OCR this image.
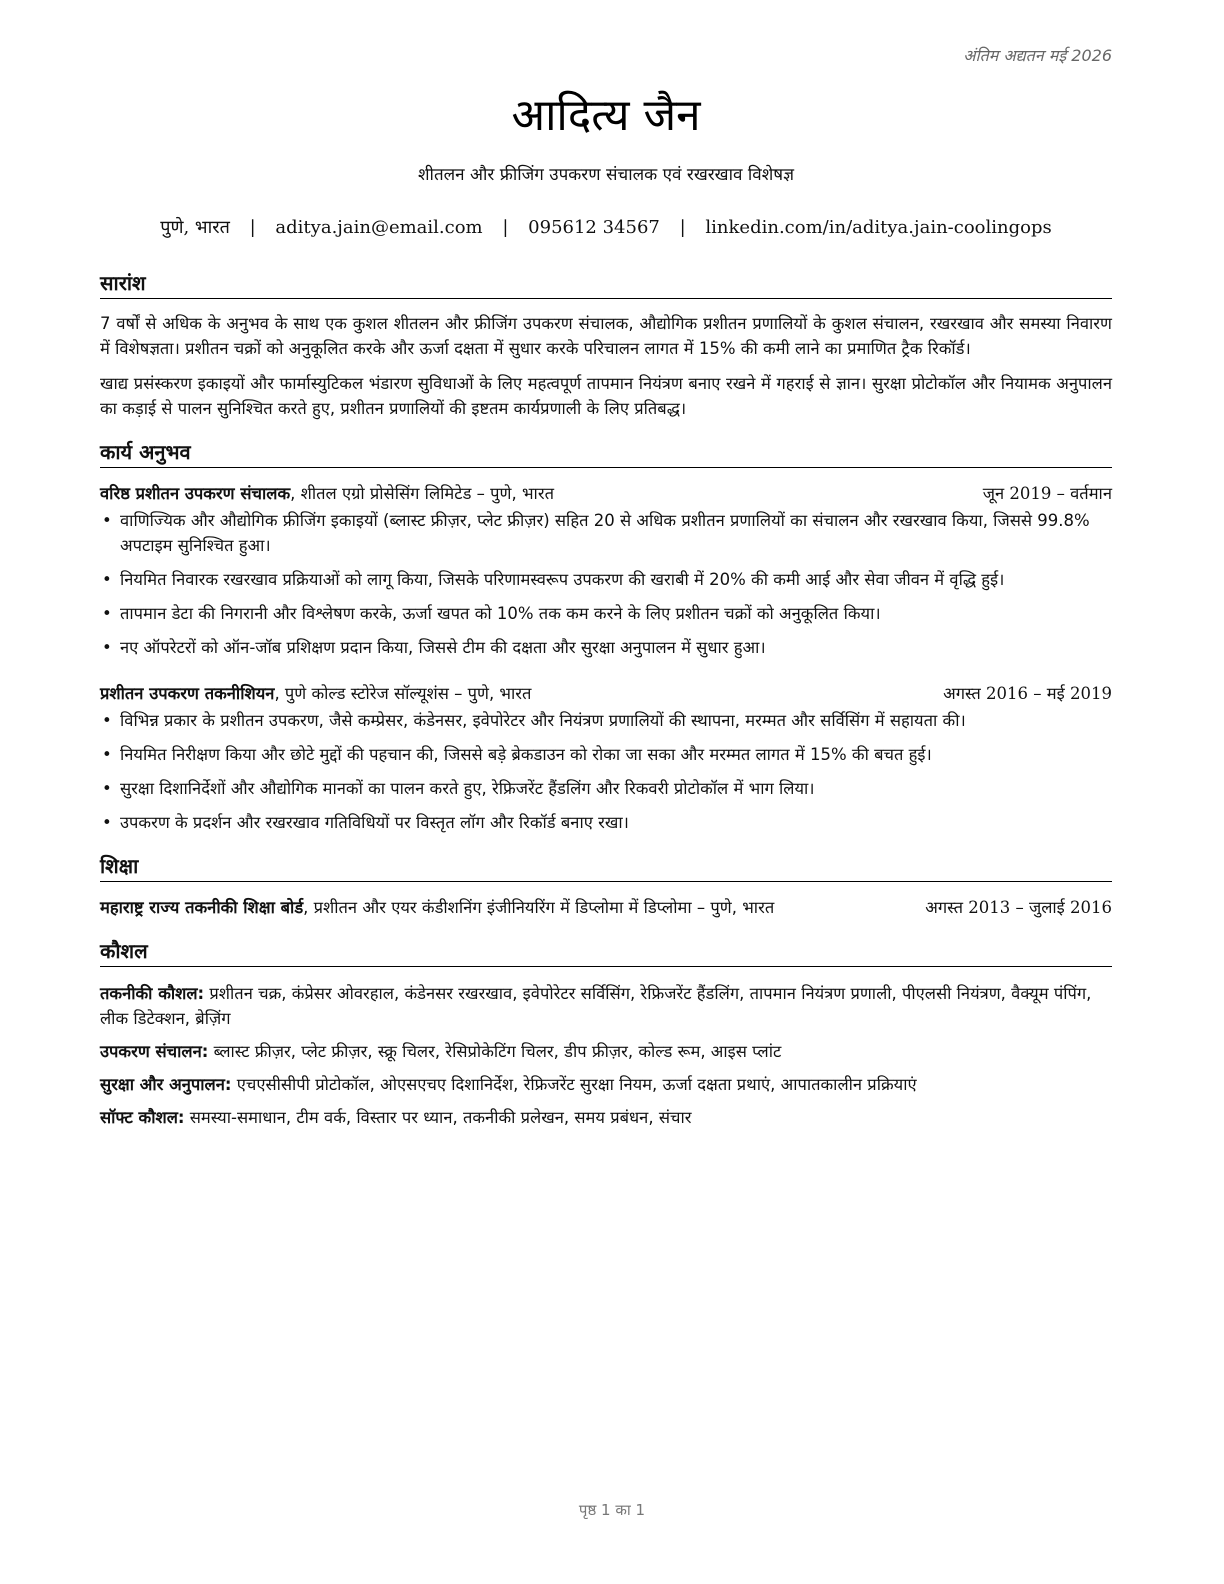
अंतिम अद्यतन मई 2026
आदित्य जैन
शीतलन और फ्रीजिंग उपकरण संचालक एवं रखरखाव विशेषज्ञ
पुणे, भारत | aditya.jain@email.com | 095612 34567 | linkedin.com/in/aditya.jain-coolingops
सारांश

7 वर्षों से अधिक के अनुभव के साथ एक कुशल शीतलन और फ्रीजिंग उपकरण संचालक, औद्योगिक प्रशीतन प्रणालियों के कुशल संचालन, रखरखाव और समस्या निवारण में विशेषज्ञता। प्रशीतन चक्रों को अनुकूलित करके और ऊर्जा दक्षता में सुधार करके परिचालन लागत में 15% की कमी लाने का प्रमाणित ट्रैक रिकॉर्ड।

खाद्य प्रसंस्करण इकाइयों और फार्मास्युटिकल भंडारण सुविधाओं के लिए महत्वपूर्ण तापमान नियंत्रण बनाए रखने में गहराई से ज्ञान। सुरक्षा प्रोटोकॉल और नियामक अनुपालन का कड़ाई से पालन सुनिश्चित करते हुए, प्रशीतन प्रणालियों की इष्टतम कार्यप्रणाली के लिए प्रतिबद्ध।

कार्य अनुभव
वरिष्ठ प्रशीतन उपकरण संचालक, शीतल एग्रो प्रोसेसिंग लिमिटेड – पुणे, भारत	जून 2019 – वर्तमान
• वाणिज्यिक और औद्योगिक फ्रीजिंग इकाइयों (ब्लास्ट फ्रीज़र, प्लेट फ्रीज़र) सहित 20 से अधिक प्रशीतन प्रणालियों का संचालन और रखरखाव किया, जिससे 99.8% अपटाइम सुनिश्चित हुआ।
• नियमित निवारक रखरखाव प्रक्रियाओं को लागू किया, जिसके परिणामस्वरूप उपकरण की खराबी में 20% की कमी आई और सेवा जीवन में वृद्धि हुई।
• तापमान डेटा की निगरानी और विश्लेषण करके, ऊर्जा खपत को 10% तक कम करने के लिए प्रशीतन चक्रों को अनुकूलित किया।
• नए ऑपरेटरों को ऑन-जॉब प्रशिक्षण प्रदान किया, जिससे टीम की दक्षता और सुरक्षा अनुपालन में सुधार हुआ।
प्रशीतन उपकरण तकनीशियन, पुणे कोल्ड स्टोरेज सॉल्यूशंस – पुणे, भारत	अगस्त 2016 – मई 2019
• विभिन्न प्रकार के प्रशीतन उपकरण, जैसे कम्प्रेसर, कंडेनसर, इवेपोरेटर और नियंत्रण प्रणालियों की स्थापना, मरम्मत और सर्विसिंग में सहायता की।
• नियमित निरीक्षण किया और छोटे मुद्दों की पहचान की, जिससे बड़े ब्रेकडाउन को रोका जा सका और मरम्मत लागत में 15% की बचत हुई।
• सुरक्षा दिशानिर्देशों और औद्योगिक मानकों का पालन करते हुए, रेफ्रिजरेंट हैंडलिंग और रिकवरी प्रोटोकॉल में भाग लिया।
• उपकरण के प्रदर्शन और रखरखाव गतिविधियों पर विस्तृत लॉग और रिकॉर्ड बनाए रखा।
शिक्षा
महाराष्ट्र राज्य तकनीकी शिक्षा बोर्ड, प्रशीतन और एयर कंडीशनिंग इंजीनियरिंग में डिप्लोमा में डिप्लोमा – पुणे, भारत	अगस्त 2013 – जुलाई 2016
कौशल
तकनीकी कौशल: प्रशीतन चक्र, कंप्रेसर ओवरहाल, कंडेनसर रखरखाव, इवेपोरेटर सर्विसिंग, रेफ्रिजरेंट हैंडलिंग, तापमान नियंत्रण प्रणाली, पीएलसी नियंत्रण, वैक्यूम पंपिंग, लीक डिटेक्शन, ब्रेज़िंग
उपकरण संचालन: ब्लास्ट फ्रीज़र, प्लेट फ्रीज़र, स्क्रू चिलर, रेसिप्रोकेटिंग चिलर, डीप फ्रीज़र, कोल्ड रूम, आइस प्लांट
सुरक्षा और अनुपालन: एचएसीसीपी प्रोटोकॉल, ओएसएचए दिशानिर्देश, रेफ्रिजरेंट सुरक्षा नियम, ऊर्जा दक्षता प्रथाएं, आपातकालीन प्रक्रियाएं
सॉफ्ट कौशल: समस्या-समाधान, टीम वर्क, विस्तार पर ध्यान, तकनीकी प्रलेखन, समय प्रबंधन, संचार
पृष्ठ 1 का 1
